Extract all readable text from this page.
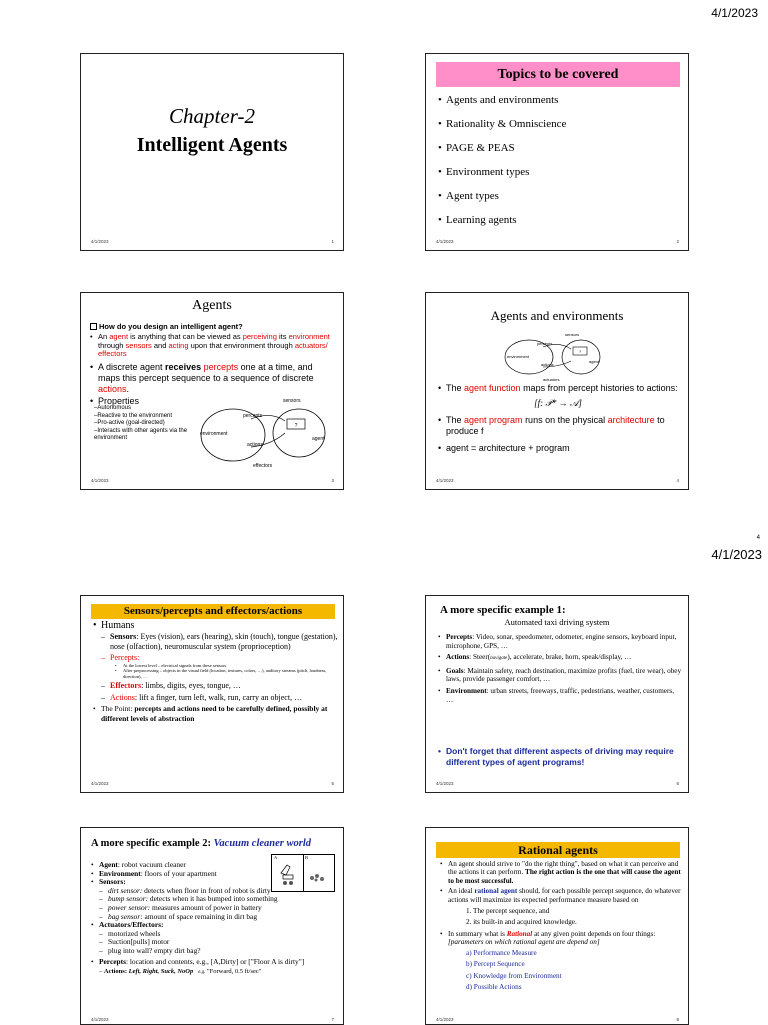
4/1/2023
4
4/1/2023
Chapter-2
Intelligent Agents
4/1/2023	1
Topics to be covered
• Agents and environments
• Rationality & Omniscience
• PAGE & PEAS
• Environment types
• Agent types
• Learning agents
4/1/2023	2
Agents
How do you design an intelligent agent?
• An agent is anything that can be viewed as perceiving its environment through sensors and acting upon that environment through actuators/ effectors
• A discrete agent receives percepts one at a time, and maps this percept sequence to a sequence of discrete actions.
• Properties
–Autonomous
–Reactive to the environment
–Pro-active (goal-directed)
–Interacts with other agents via the environment
?
percepts
environment
actions
sensors
agent
effectors
4/1/2023	3
Agents and environments
?
percepts
environment
actions
sensors
agent
actuators
• The agent function maps from percept histories to actions:
[f: 𝒫* → 𝒜]
• The agent program runs on the physical architecture to produce f
• agent = architecture + program
4/1/2023	4
Sensors/percepts and effectors/actions
• Humans
– Sensors: Eyes (vision), ears (hearing), skin (touch), tongue (gestation), nose (olfaction), neuromuscular system (proprioception)
– Percepts:
• At the lowest level – electrical signals from these sensors
• After preprocessing – objects in the visual field (location, textures, colors, …), auditory streams (pitch, loudness, direction), …
– Effectors: limbs, digits, eyes, tongue, …
– Actions: lift a finger, turn left, walk, run, carry an object, …
• The Point: percepts and actions need to be carefully defined, possibly at different levels of abstraction
4/1/2023	5
A more specific example 1:
Automated taxi driving system
• Percepts: Video, sonar, speedometer, odometer, engine sensors, keyboard input, microphone, GPS, …
• Actions: Steer(navigate), accelerate, brake, horn, speak/display, …
• Goals: Maintain safety, reach destination, maximize profits (fuel, tire wear), obey laws, provide passenger comfort, …
• Environment: urban streets, freeways, traffic, pedestrians, weather, customers, …
• Don't forget that different aspects of driving may require different types of agent programs!
4/1/2023	6
A more specific example 2: Vacuum cleaner world
A	B
• Agent: robot vacuum cleaner
• Environment: floors of your apartment
• Sensors:
– dirt sensor: detects when floor in front of robot is dirty
– bump sensor: detects when it has bumped into something
– power sensor: measures amount of power in battery
– bag sensor: amount of space remaining in dirt bag
• Actuators/Effectors:
– motorized wheels
– Suction[pulls] motor
– plug into wall? empty dirt bag?
• Percepts: location and contents, e.g., [A,Dirty] or ["Floor A is dirty"]
– Actions: Left, Right, Suck, NoOp e.g. "Forward, 0.5 ft/sec"
4/1/2023	7
Rational agents
• An agent should strive to "do the right thing", based on what it can perceive and the actions it can perform. The right action is the one that will cause the agent to be most successful.
• An ideal rational agent should, for each possible percept sequence, do whatever actions will maximize its expected performance measure based on
1. The percept sequence, and
2. its built-in and acquired knowledge.
• In summary what is Rational at any given point depends on four things: [parameters on which rational agent are depend on]
a) Performance Measure
b) Percept Sequence
c) Knowledge from Environment
d) Possible Actions
4/1/2023	8
